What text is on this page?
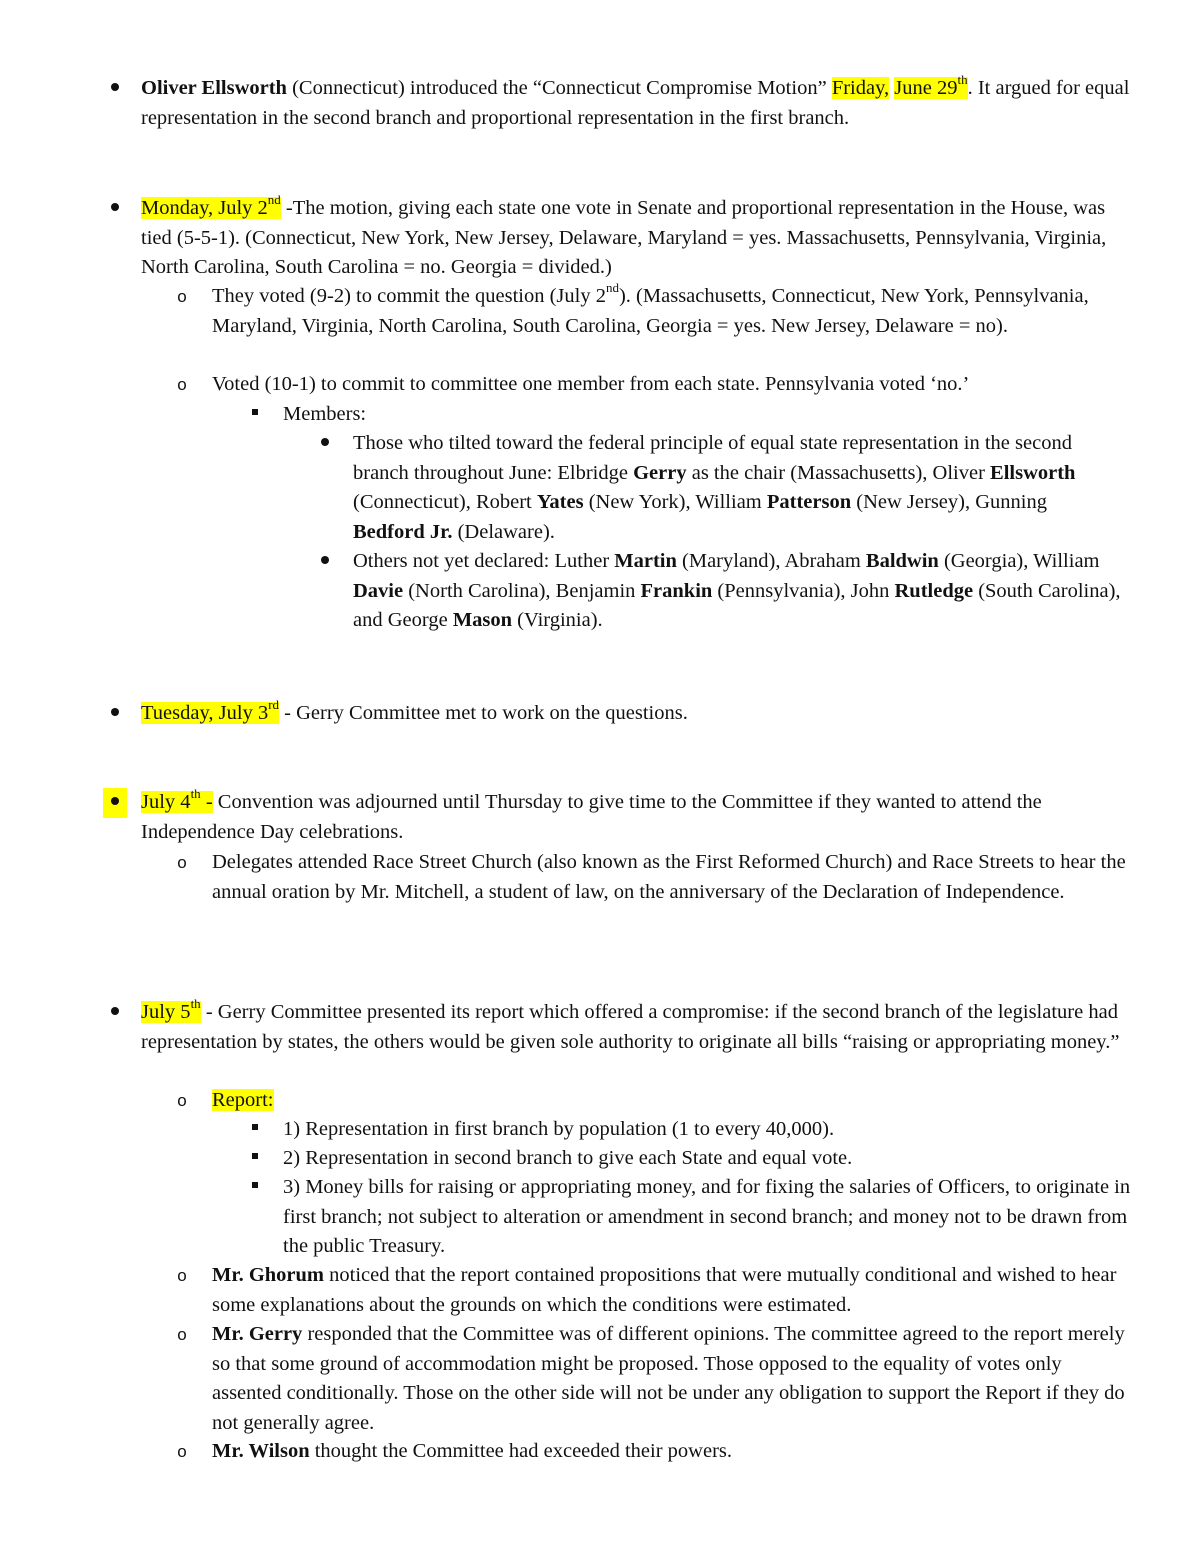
Oliver Ellsworth (Connecticut) introduced the “Connecticut Compromise Motion” Friday, June 29th. It argued for equal representation in the second branch and proportional representation in the first branch.
Monday, July 2nd -The motion, giving each state one vote in Senate and proportional representation in the House, was tied (5-5-1). (Connecticut, New York, New Jersey, Delaware, Maryland = yes. Massachusetts, Pennsylvania, Virginia, North Carolina, South Carolina = no. Georgia = divided.)
o	They voted (9-2) to commit the question (July 2nd). (Massachusetts, Connecticut, New York, Pennsylvania, Maryland, Virginia, North Carolina, South Carolina, Georgia = yes. New Jersey, Delaware = no).
o	Voted (10-1) to commit to committee one member from each state. Pennsylvania voted ‘no.’
Members:
Those who tilted toward the federal principle of equal state representation in the second branch throughout June: Elbridge Gerry as the chair (Massachusetts), Oliver Ellsworth (Connecticut), Robert Yates (New York), William Patterson (New Jersey), Gunning Bedford Jr. (Delaware).
Others not yet declared: Luther Martin (Maryland), Abraham Baldwin (Georgia), William Davie (North Carolina), Benjamin Frankin (Pennsylvania), John Rutledge (South Carolina), and George Mason (Virginia).
Tuesday, July 3rd - Gerry Committee met to work on the questions.
July 4th - Convention was adjourned until Thursday to give time to the Committee if they wanted to attend the Independence Day celebrations.
o	Delegates attended Race Street Church (also known as the First Reformed Church) and Race Streets to hear the annual oration by Mr. Mitchell, a student of law, on the anniversary of the Declaration of Independence.
July 5th - Gerry Committee presented its report which offered a compromise: if the second branch of the legislature had representation by states, the others would be given sole authority to originate all bills “raising or appropriating money.”
o	Report:
1) Representation in first branch by population (1 to every 40,000).
2) Representation in second branch to give each State and equal vote.
3) Money bills for raising or appropriating money, and for fixing the salaries of Officers, to originate in first branch; not subject to alteration or amendment in second branch; and money not to be drawn from the public Treasury.
o	Mr. Ghorum noticed that the report contained propositions that were mutually conditional and wished to hear some explanations about the grounds on which the conditions were estimated.
o	Mr. Gerry responded that the Committee was of different opinions. The committee agreed to the report merely so that some ground of accommodation might be proposed. Those opposed to the equality of votes only assented conditionally. Those on the other side will not be under any obligation to support the Report if they do not generally agree.
o	Mr. Wilson thought the Committee had exceeded their powers.
